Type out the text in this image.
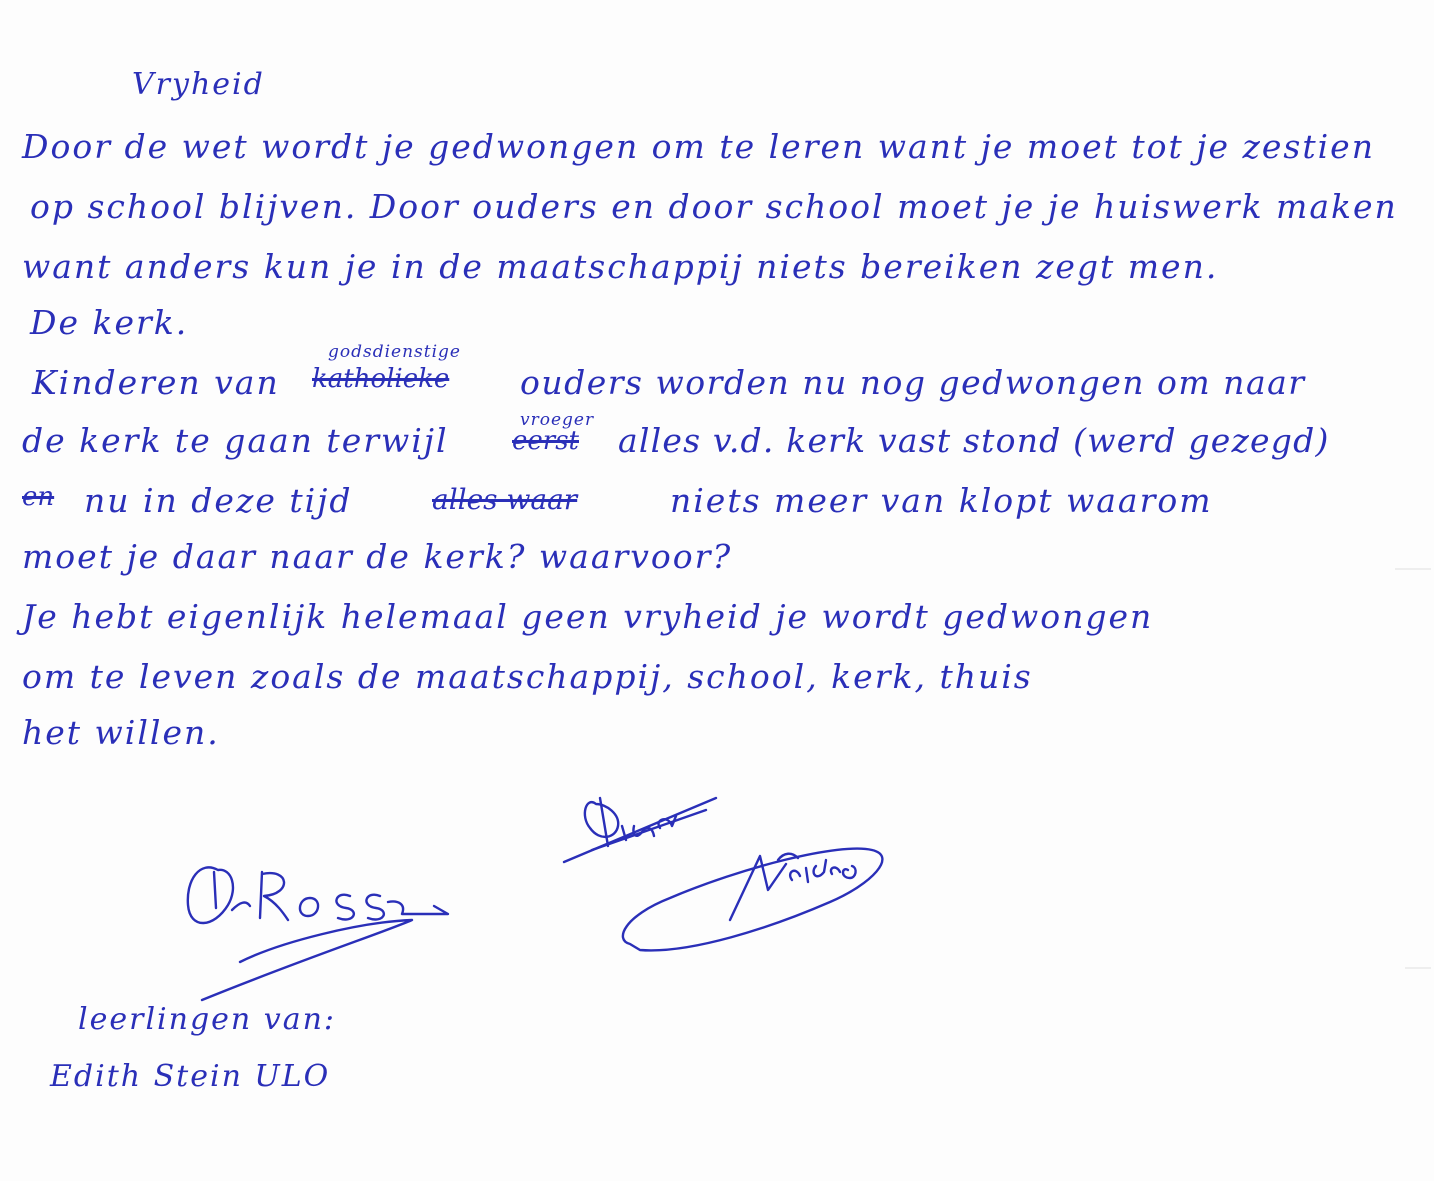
Vryheid
Door de wet wordt je gedwongen om te leren want je moet tot je zestien
op school blijven. Door ouders en door school moet je je huiswerk maken
want anders kun je in de maatschappij niets bereiken zegt men.
De kerk.
Kinderen van
godsdienstige
katholieke ouders worden nu nog gedwongen om naar
de kerk te gaan terwijl
vroeger
eerst alles v.d. kerk vast stond (werd gezegd)
en nu in deze tijd	alles waar	niets meer van klopt waarom
moet je daar naar de kerk? waarvoor?
Je hebt eigenlijk helemaal geen vryheid je wordt gedwongen
om te leven zoals de maatschappij, school, kerk, thuis
het willen.
leerlingen van:
Edith Stein ULO
